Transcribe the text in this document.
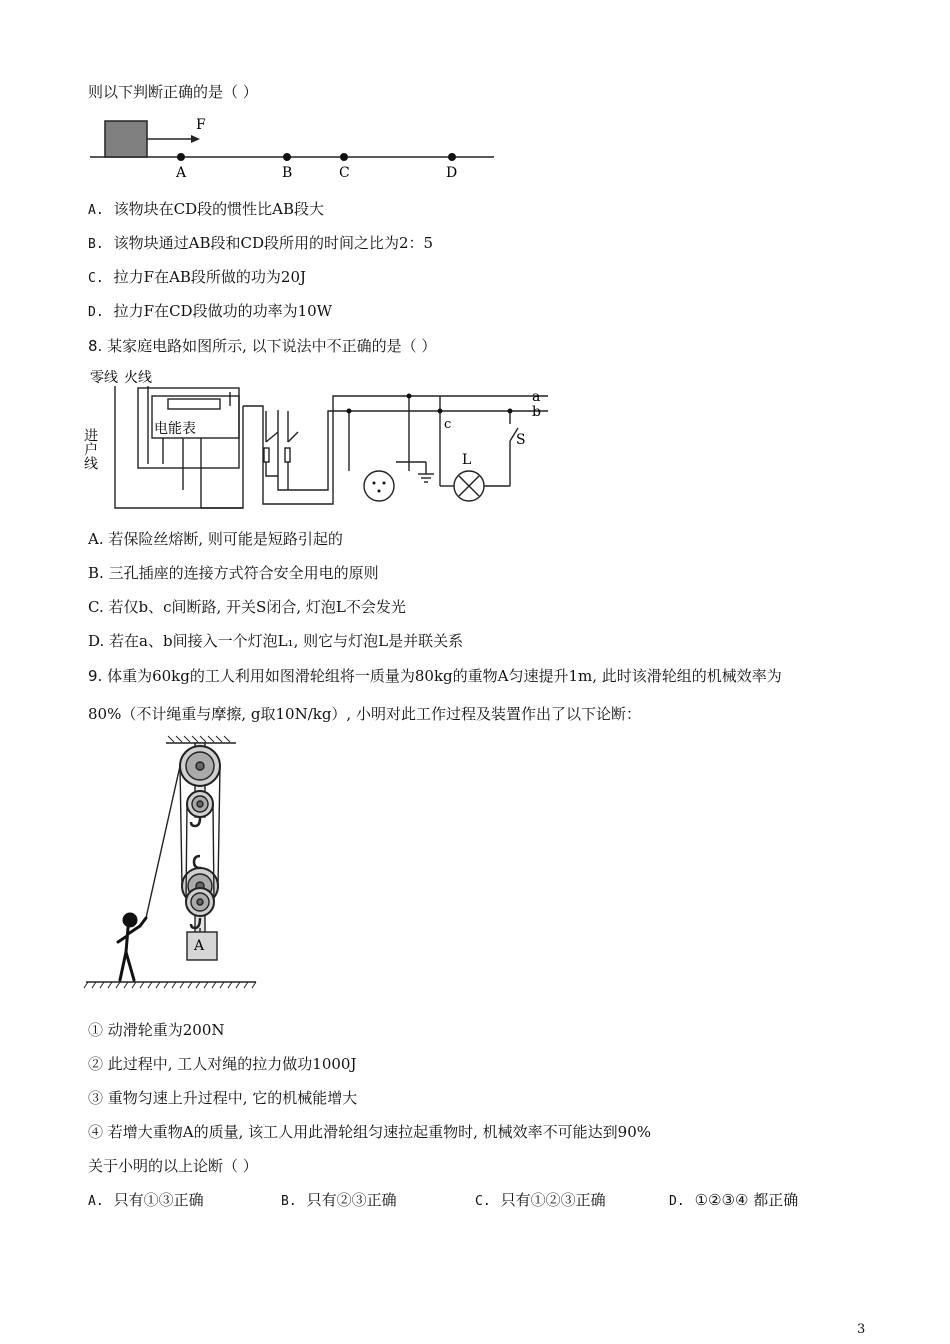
则以下判断正确的是（ ）
F
A	B	C	D
A. 该物块在CD段的惯性比AB段大
B. 该物块通过AB段和CD段所用的时间之比为2：5
C. 拉力F在AB段所做的功为20J
D. 拉力F在CD段做功的功率为10W
8. 某家庭电路如图所示, 以下说法中不正确的是（ ）
零线 火线
电能表
进户线
a
b
c
S
L
A. 若保险丝熔断, 则可能是短路引起的
B. 三孔插座的连接方式符合安全用电的原则
C. 若仅b、c间断路, 开关S闭合, 灯泡L不会发光
D. 若在a、b间接入一个灯泡L₁, 则它与灯泡L是并联关系
9. 体重为60kg的工人利用如图滑轮组将一质量为80kg的重物A匀速提升1m, 此时该滑轮组的机械效率为
80%（不计绳重与摩擦, g取10N/kg）, 小明对此工作过程及装置作出了以下论断：
A
① 动滑轮重为200N
② 此过程中, 工人对绳的拉力做功1000J
③ 重物匀速上升过程中, 它的机械能增大
④ 若增大重物A的质量, 该工人用此滑轮组匀速拉起重物时, 机械效率不可能达到90%
关于小明的以上论断（ ）
A. 只有①③正确	B. 只有②③正确	C. 只有①②③正确	D. ①②③④ 都正确
3
